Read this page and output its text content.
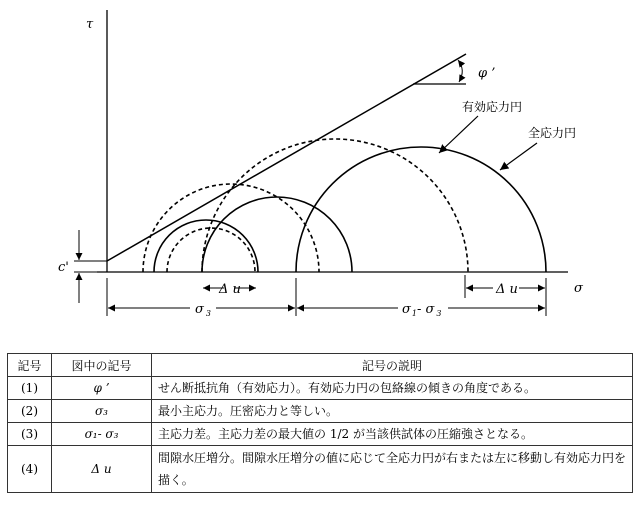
有効応力円
全応力円
τ
σ
φ ’
c'
Δ u	Δ u
σ $_3$	$\sigma_1-$ σ $_3$
記号	図中の記号	記号の説明
(1)	φ ’	せん断抵抗角（有効応力）。有効応力円の包絡線の傾きの角度である。
(2)	σ₃	最小主応力。圧密応力と等しい。
(3)	σ₁- σ₃	主応力差。主応力差の最大値の 1/2 が当該供試体の圧縮強さとなる。
(4)	Δ u	間隙水圧増分。間隙水圧増分の値に応じて全応力円が右または左に移動し有効応力円を描く。
